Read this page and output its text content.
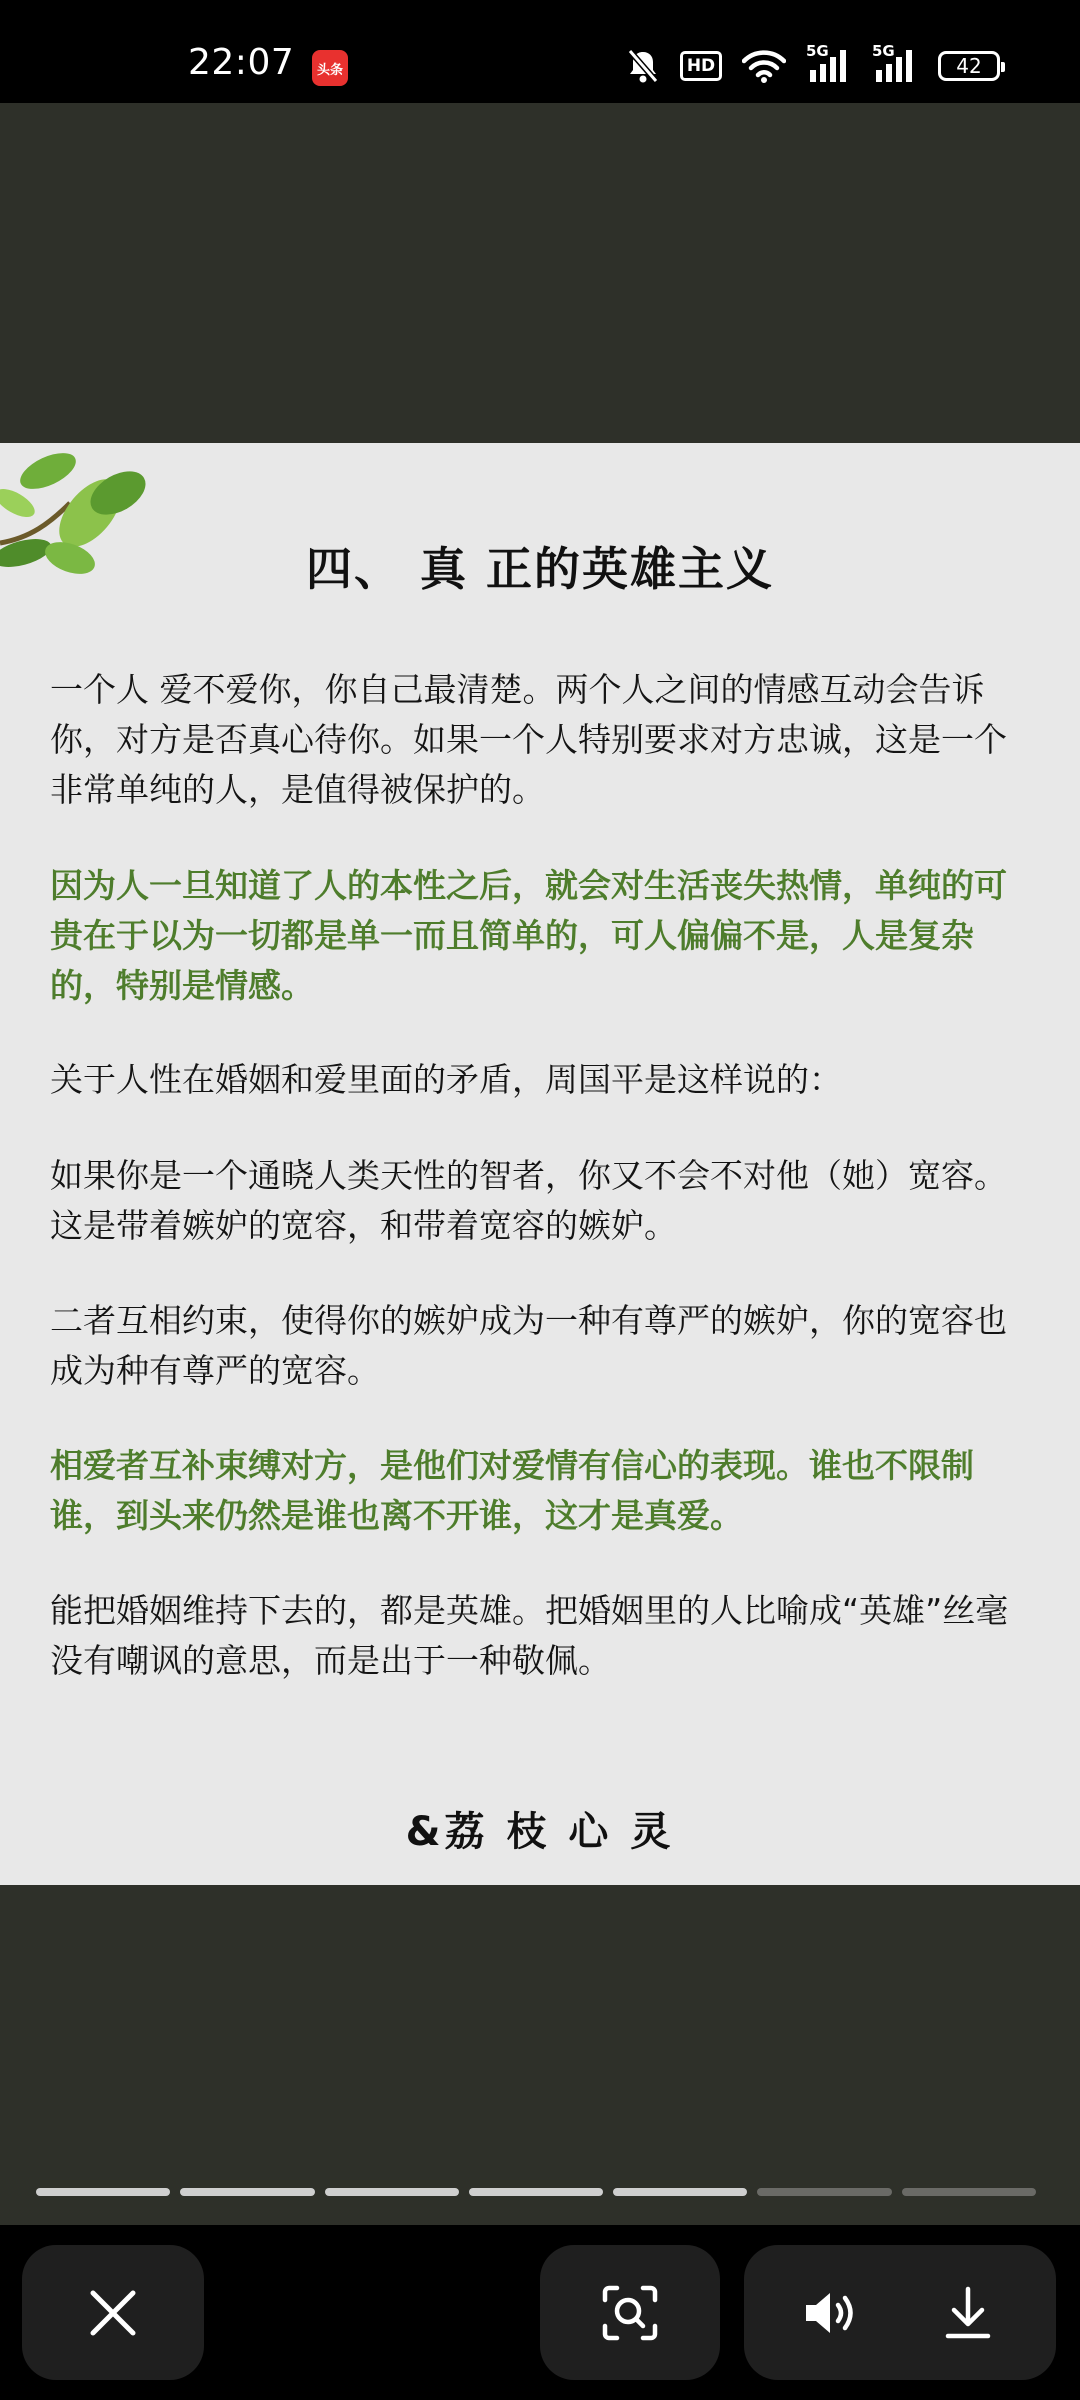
22:07	头条	HD
5G	5G
42
四、 真 正的英雄主义

一个人 爱不爱你，你自己最清楚。两个人之间的情感互动会告诉你，对方是否真心待你。如果一个人特别要求对方忠诚，这是一个非常单纯的人，是值得被保护的。

因为人一旦知道了人的本性之后，就会对生活丧失热情，单纯的可贵在于以为一切都是单一而且简单的，可人偏偏不是，人是复杂的，特别是情感。

关于人性在婚姻和爱里面的矛盾，周国平是这样说的：

如果你是一个通晓人类天性的智者，你又不会不对他（她）宽容。这是带着嫉妒的宽容，和带着宽容的嫉妒。

二者互相约束，使得你的嫉妒成为一种有尊严的嫉妒，你的宽容也成为种有尊严的宽容。

相爱者互补束缚对方，是他们对爱情有信心的表现。谁也不限制谁，到头来仍然是谁也离不开谁，这才是真爱。

能把婚姻维持下去的，都是英雄。把婚姻里的人比喻成“英雄”丝毫没有嘲讽的意思，而是出于一种敬佩。

&荔 枝 心 灵
